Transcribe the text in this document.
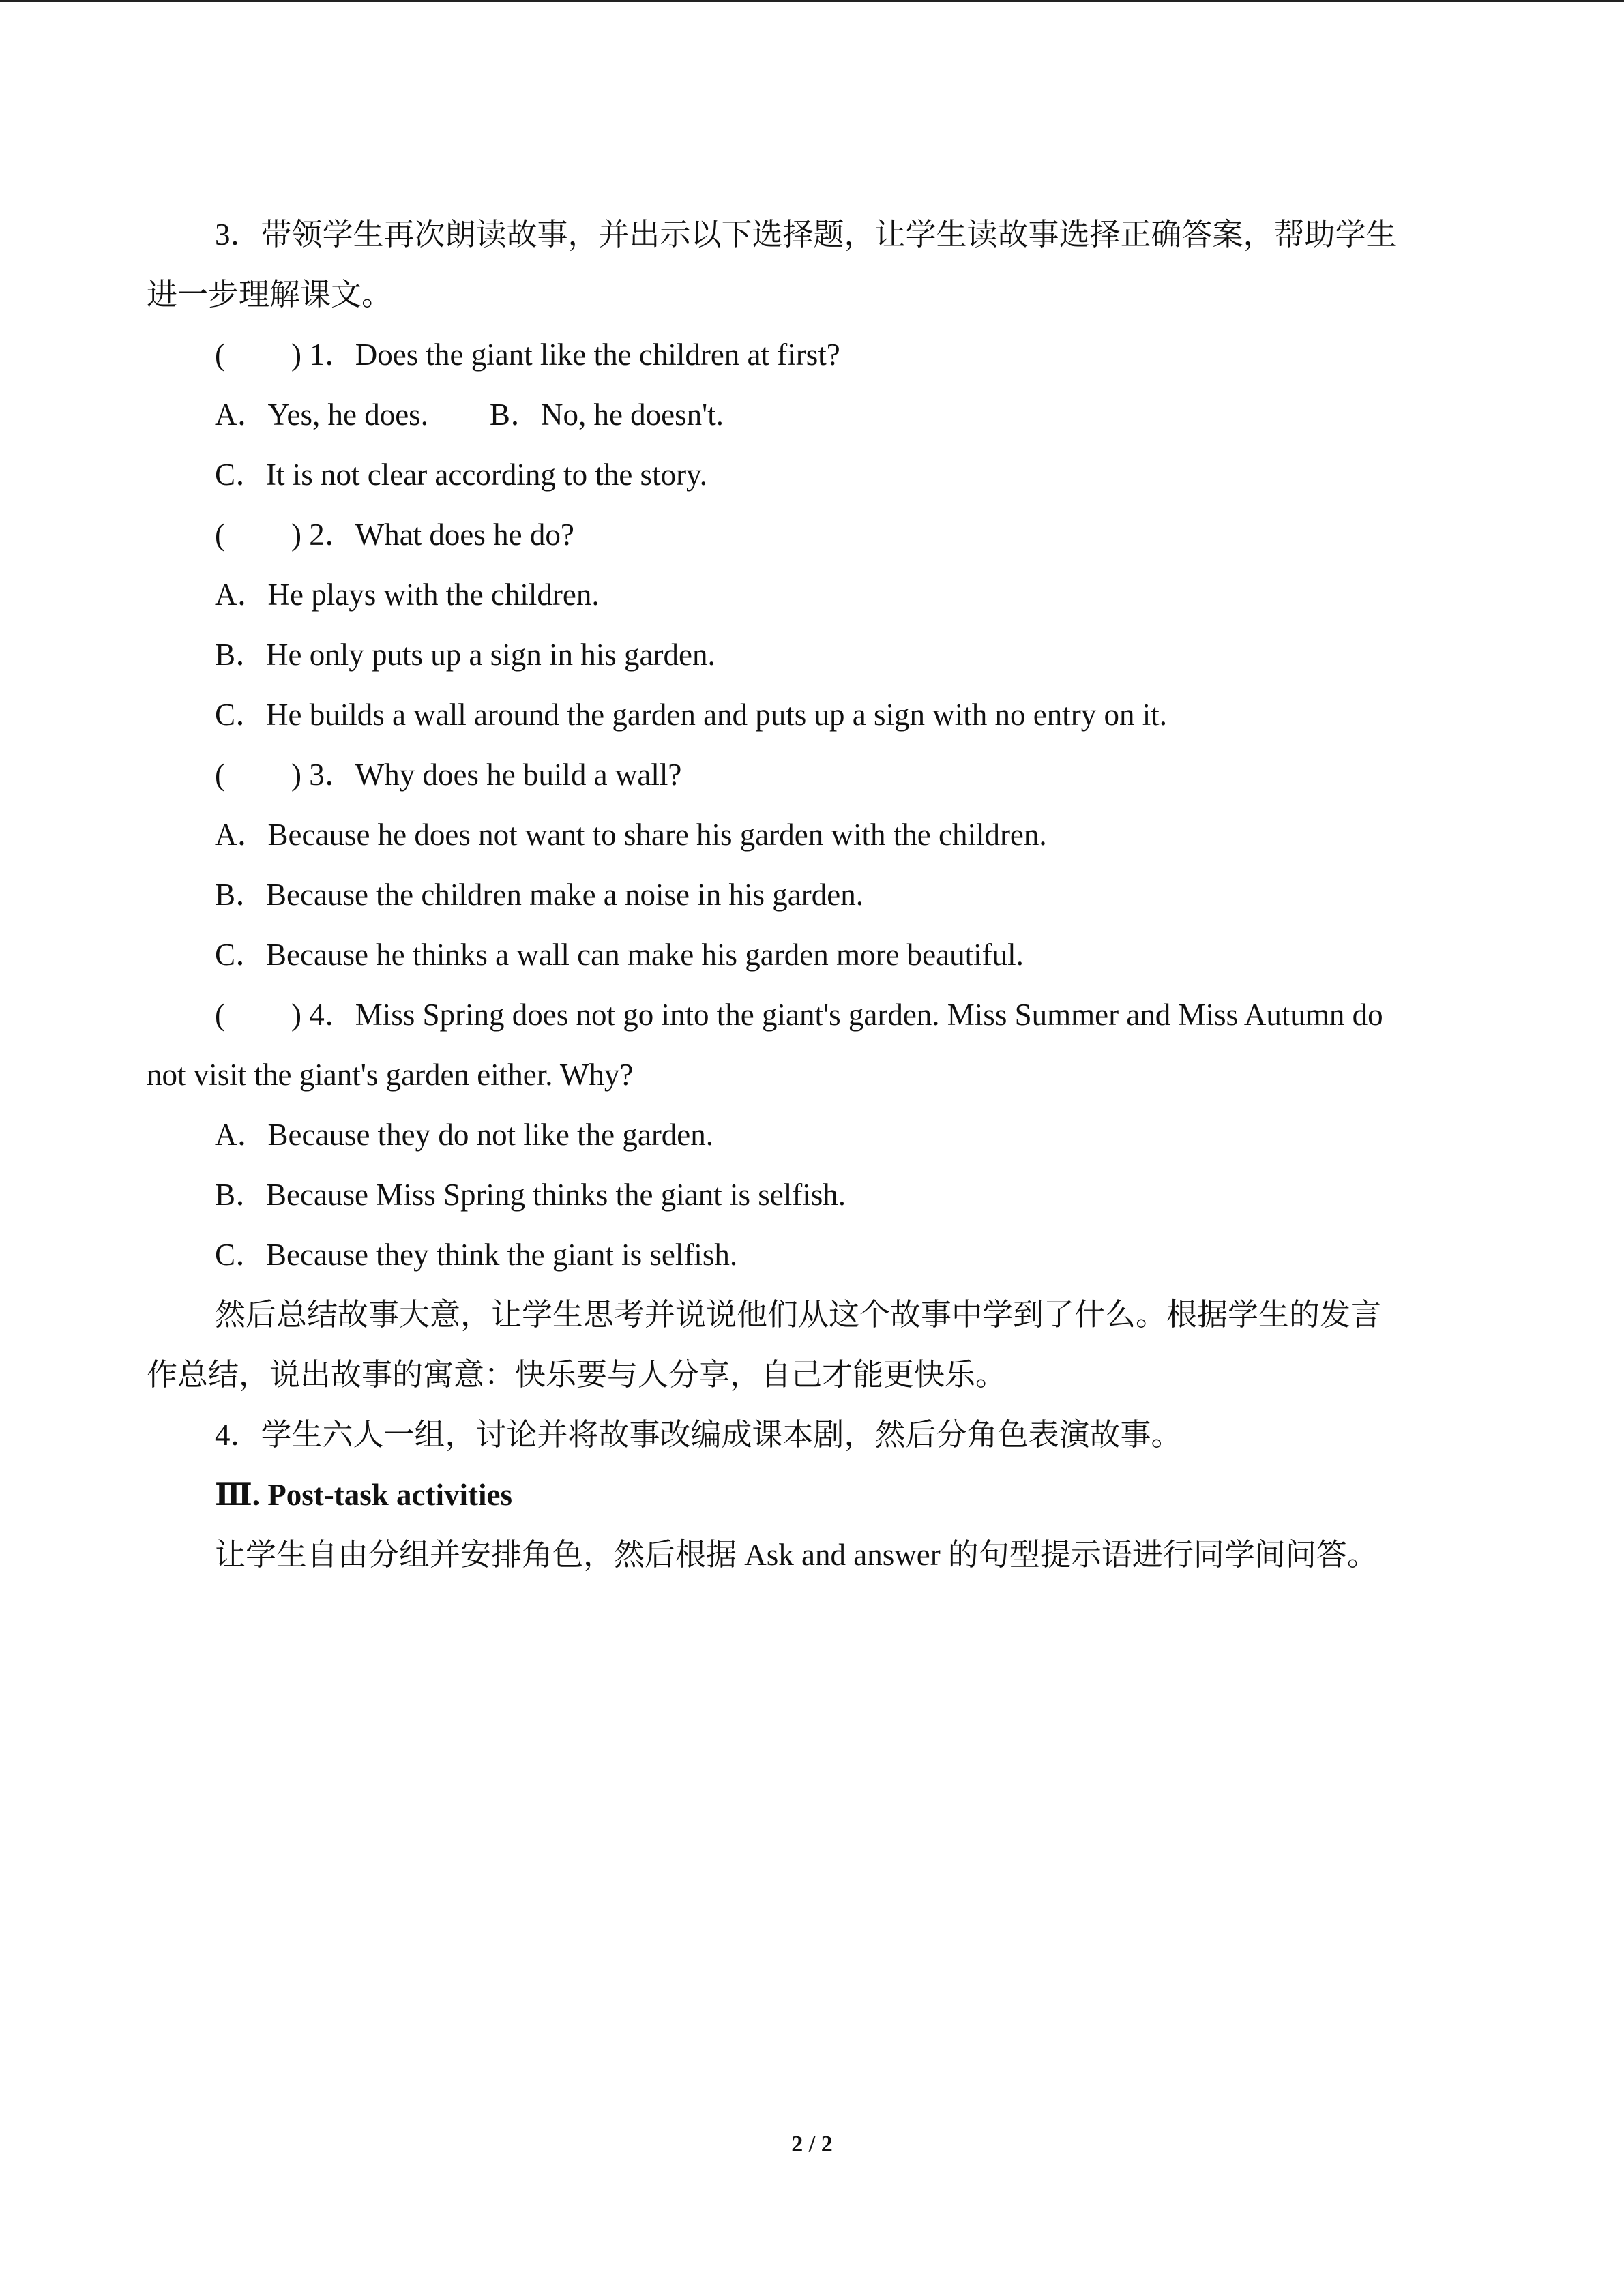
3．带领学生再次朗读故事，并出示以下选择题，让学生读故事选择正确答案，帮助学生
进一步理解课文。
( ) 1．Does the giant like the children at first?
A．Yes, he does.        B．No, he doesn't.
C．It is not clear according to the story.
( ) 2．What does he do?
A．He plays with the children.
B．He only puts up a sign in his garden.
C．He builds a wall around the garden and puts up a sign with no entry on it.
( ) 3．Why does he build a wall?
A．Because he does not want to share his garden with the children.
B．Because the children make a noise in his garden.
C．Because he thinks a wall can make his garden more beautiful.
( ) 4．Miss Spring does not go into the giant's garden. Miss Summer and Miss Autumn do
not visit the giant's garden either. Why?
A．Because they do not like the garden.
B．Because Miss Spring thinks the giant is selfish.
C．Because they think the giant is selfish.
然后总结故事大意，让学生思考并说说他们从这个故事中学到了什么。根据学生的发言
作总结，说出故事的寓意：快乐要与人分享，自己才能更快乐。
4．学生六人一组，讨论并将故事改编成课本剧，然后分角色表演故事。
Ⅲ. Post-task activities
让学生自由分组并安排角色，然后根据 Ask and answer 的句型提示语进行同学间问答。
2 / 2
